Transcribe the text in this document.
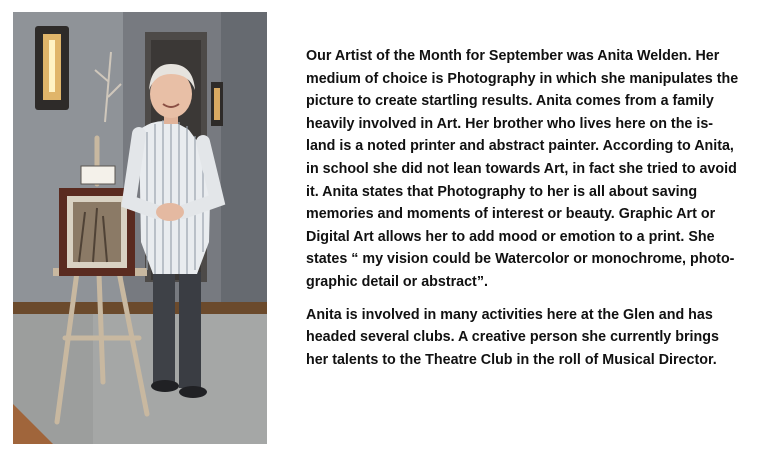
Our Artist of the Month for September was Anita Welden. Her
medium of choice is Photography in which she manipulates the
picture to create startling results. Anita comes from a family
heavily involved in Art. Her brother who lives here on the is-
land is a noted printer and abstract painter. According to Anita,
in school she did not lean towards Art, in fact she tried to avoid
it. Anita states that Photography to her is all about saving
memories and moments of interest or beauty. Graphic Art or
Digital Art allows her to add mood or emotion to a print. She
states “ my vision could be Watercolor or monochrome, photo-
graphic detail or abstract”.

Anita is involved in many activities here at the Glen and has
headed several clubs. A creative person she currently brings
her talents to the Theatre Club in the roll of Musical Director.
